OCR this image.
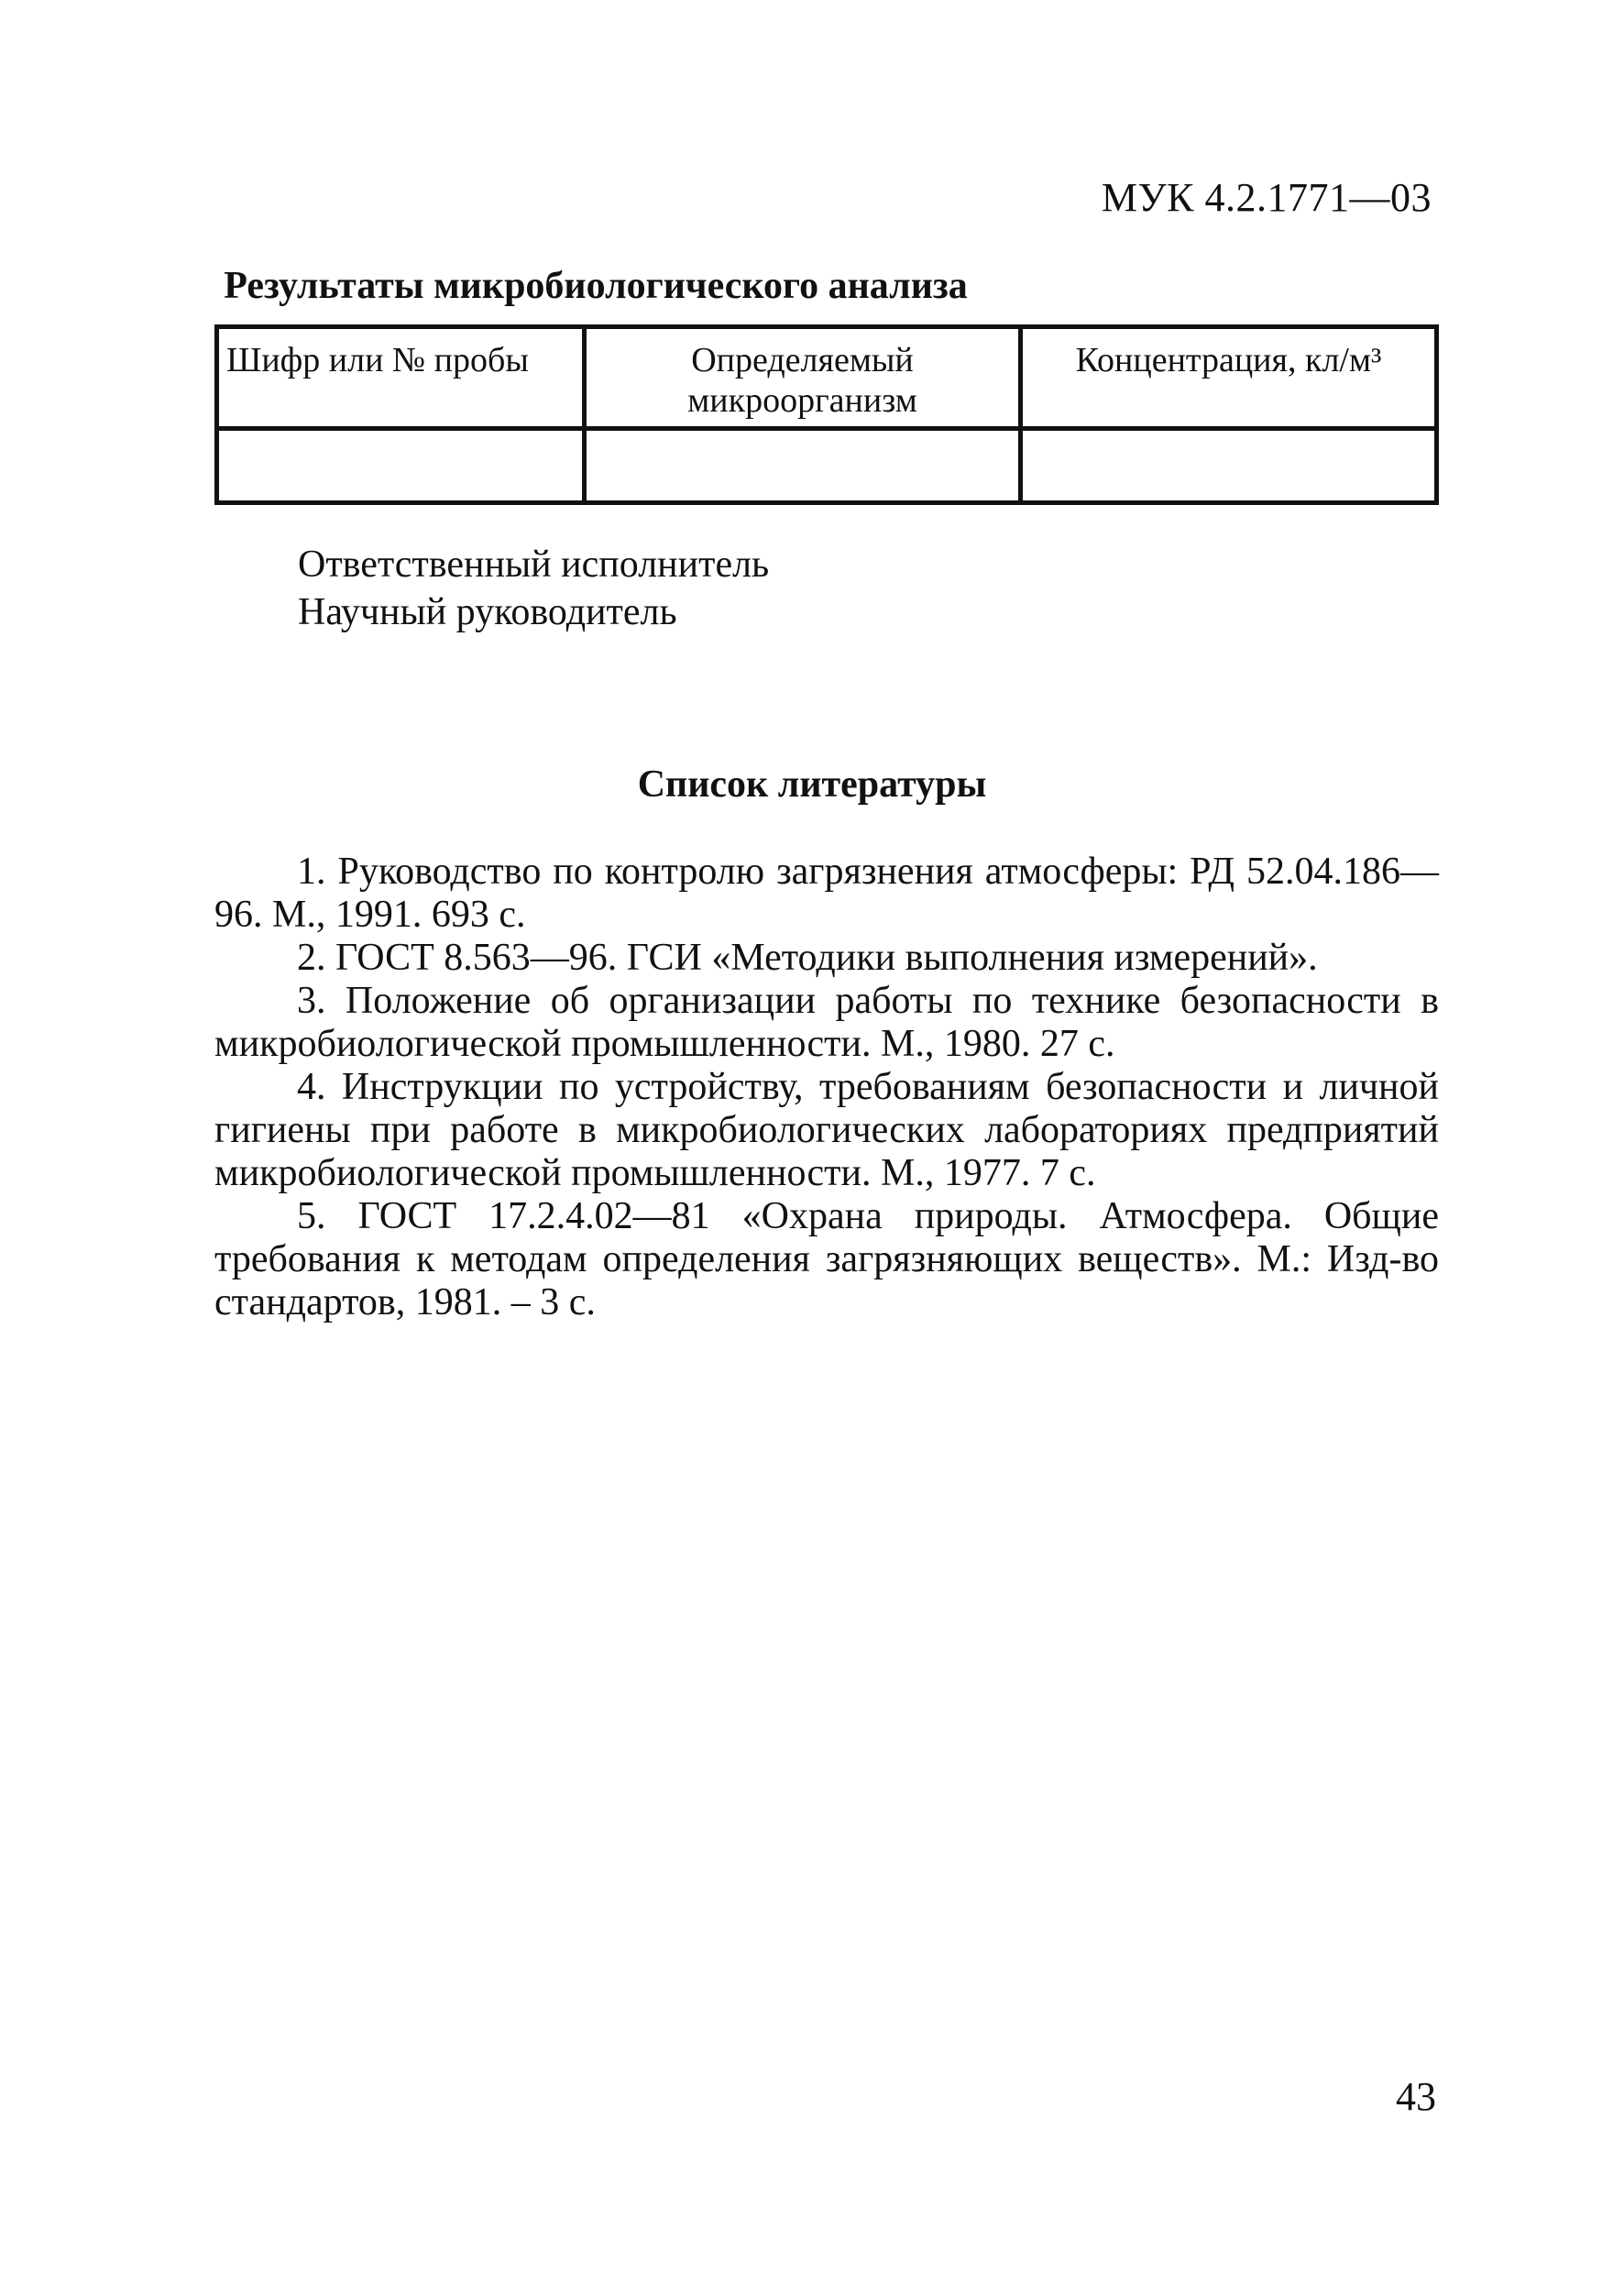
МУК 4.2.1771—03
Результаты микробиологического анализа
Шифр или № пробы	Определяемый микроорганизм	Концентрация, кл/м³

Ответственный исполнитель
Научный руководитель
Список литературы
1. Руководство по контролю загрязнения атмосферы: РД 52.04.186—96. М., 1991. 693 с.
2. ГОСТ 8.563—96. ГСИ «Методики выполнения измерений».
3. Положение об организации работы по технике безопасности в микробиологической промышленности. М., 1980. 27 с.
4. Инструкции по устройству, требованиям безопасности и личной гигиены при работе в микробиологических лабораториях предприятий микробиологической промышленности. М., 1977. 7 с.
5. ГОСТ 17.2.4.02—81 «Охрана природы. Атмосфера. Общие требования к методам определения загрязняющих веществ». М.: Изд-во стандартов, 1981. – 3 с.
43
